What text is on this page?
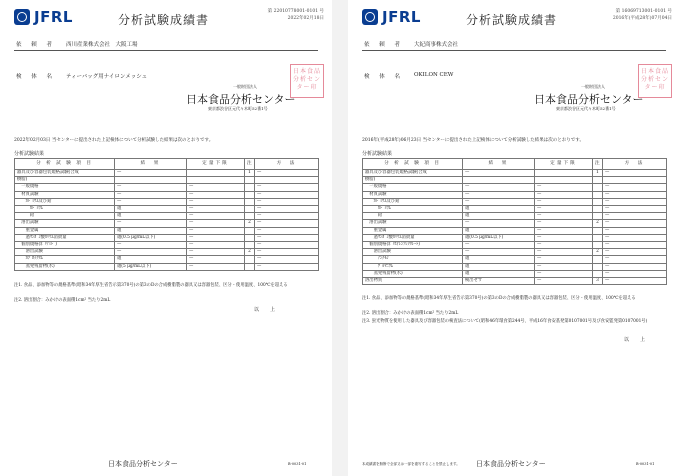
JFRL	分析試験成績書
第 22010778001-0101 号
2022年02月18日
依 頼 者 西川産業株式会社　大阪工場
検 体 名 ティーバッグ用ナイロンメッシュ
一般財団法人
日本食品分析センター
東京都渋谷区元代々木町52番1号
日本食品分析センター印
2022年02月03日 当センターに提出された上記検体について分析試験した結果は次のとおりです。
分析試験結果
分 析 試 験 項 目	結　果	定量下限	注	方　法
器具及び容器包装規格試験(合成	—		1	—
樹脂)				
　一般規格	—	—		—
　材質試験	—	—		—
　　ｶﾄﾞﾐｳﾑ及び鉛	—	—		—
　　　ｶﾄﾞﾐｳﾑ	適	—		—
　　　鉛	適	—		—
　溶出試験	—	—	2	—
　　重金属	適	—		—
　　過ﾏﾝｶﾞﾝ酸ｶﾘｳﾑ消費量	適(0.5 μg/mL以下)	—		—
　個別規格(ﾎﾟﾘｱﾐﾄﾞ)	—	—		—
　　溶出試験	—	—	2	—
　　ｶﾌﾟﾛﾗｸﾀﾑ	適	—		—
　　蒸発残留物(水)	適(5 μg/mL以下)	—		—
注1. 食品、添加物等の規格基準(昭和34年厚生省告示第370号)の第3のDの合成樹脂製の器具又は容器包装、区分・使用温度、100℃を超える
注2. 溶出割合：みかけの表面積1cm² 当たり2mL
以　上
日本食品分析センター	B-0031-01
JFRL	分析試験成績書
第 16069713001-0101 号
2016年(平成28年)07月04日
依 頼 者 大紀商事株式会社
検 体 名 OKILON CEW
一般財団法人
日本食品分析センター
東京都渋谷区元代々木町52番1号
日本食品分析センター印
2016年(平成28年)06月23日 当センターに提出された上記検体について分析試験した結果は次のとおりです。
分析試験結果
分 析 試 験 項 目	結　果	定量下限	注	方　法
器具及び容器包装規格試験(合成	—		1	—
樹脂)				
　一般規格	—	—		—
　材質試験	—	—		—
　　ｶﾄﾞﾐｳﾑ及び鉛	—	—		—
　　　ｶﾄﾞﾐｳﾑ	適	—		—
　　　鉛	適	—		—
　溶出試験	—	—	2	—
　　重金属	適	—		—
　　過ﾏﾝｶﾞﾝ酸ｶﾘｳﾑ消費量	適(0.5 μg/mL以下)	—		—
　個別規格(ﾎﾟﾘｴﾁﾚﾝﾃﾚﾌﾀﾚｰﾄ)	—	—		—
　　溶出試験	—	—	2	—
　　　ｱﾝﾁﾓﾝ	適	—		—
　　　ｹﾞﾙﾏﾆｳﾑ	適	—		—
　　蒸発残留物(水)	適	—		—
溶出物質	検出せず	—	3	—
注1. 食品、添加物等の規格基準(昭和34年厚生省告示第370号)の第3のDの合成樹脂製の器具又は容器包装、区分・使用温度、100℃を超える
注2. 溶出割合：みかけの表面積1cm² 当たり2mL
注3. 蛍光物質を使用した器具及び容器包装の検査法について(昭和46年環食第244号、平成16年食安基発第0107001号及び食安監発第0107001号)
以　上
本成績書を無断で全部又は一部を複写することを禁止します。 日本食品分析センター	B-0031-01
